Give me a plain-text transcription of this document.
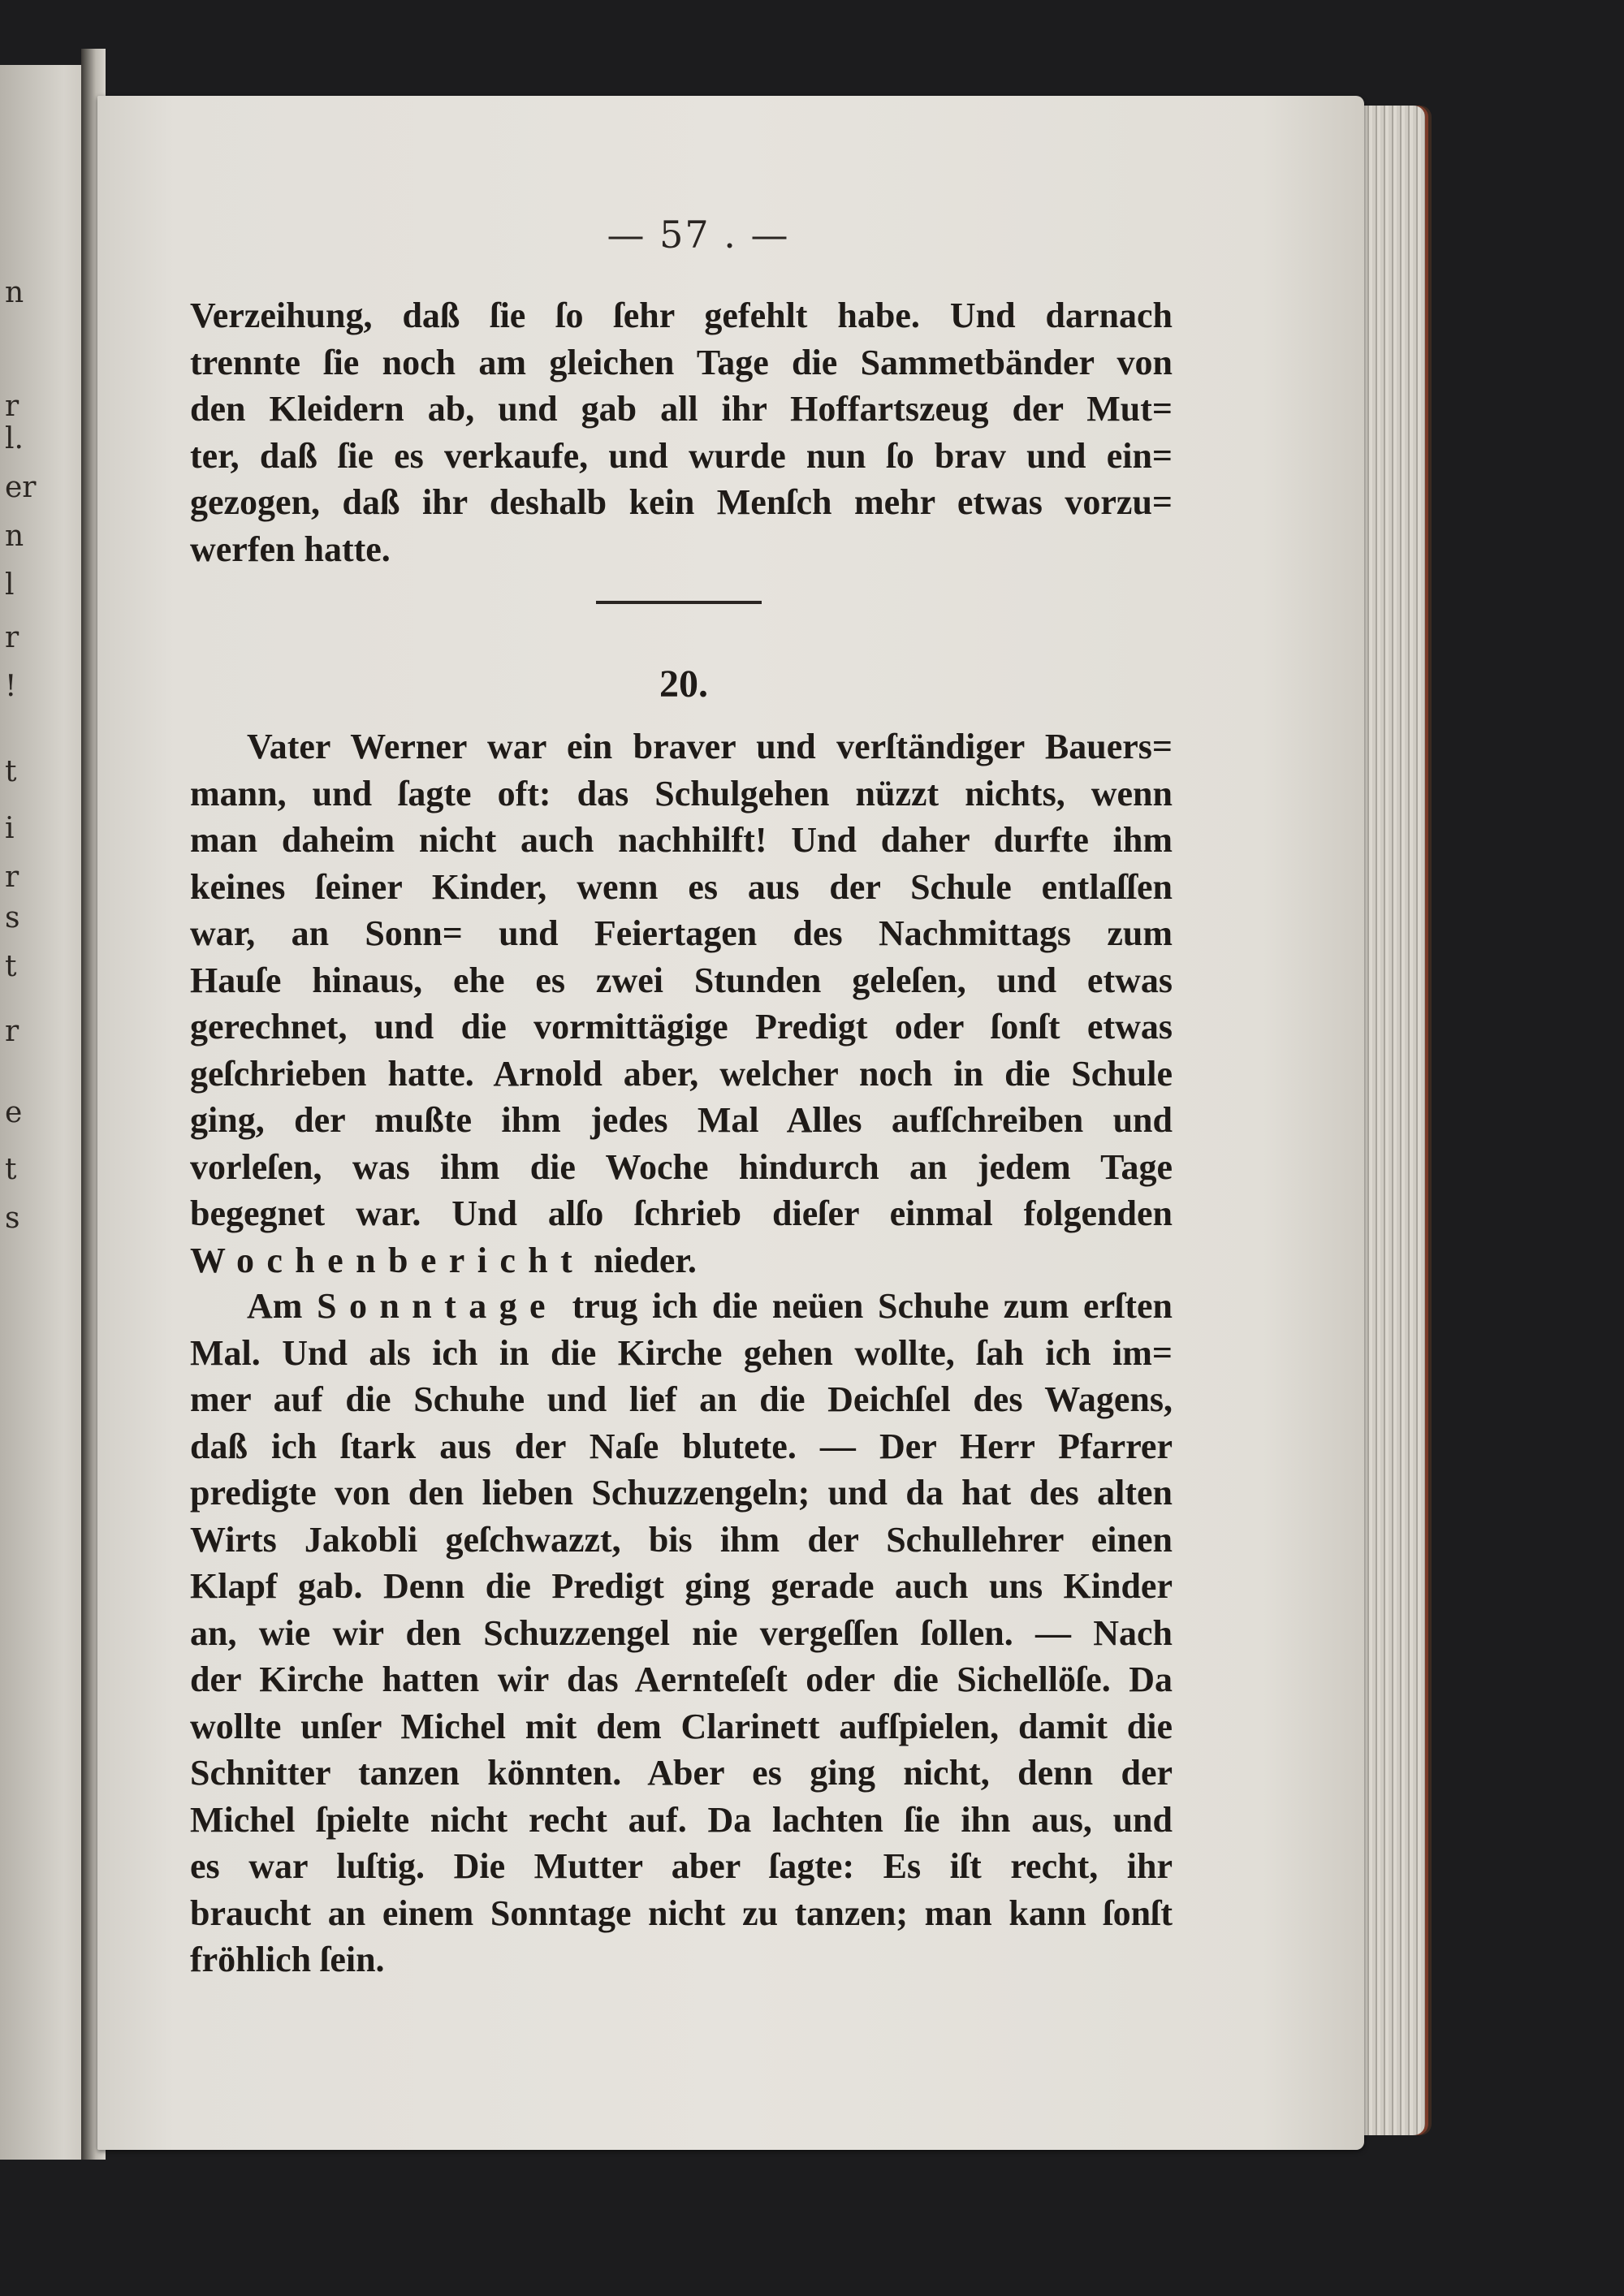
n
r
l.
er
n
l
r
!
t
i
r
s
t
r
e
t
s
— 57 . —
Verzeihung, daß ſie ſo ſehr gefehlt habe. Und darnach
trennte ſie noch am gleichen Tage die Sammetbänder von
den Kleidern ab, und gab all ihr Hoffartszeug der Mut=
ter, daß ſie es verkaufe, und wurde nun ſo brav und ein=
gezogen, daß ihr deshalb kein Menſch mehr etwas vorzu=
werfen hatte.
20.
Vater Werner war ein braver und verſtändiger Bauers=
mann, und ſagte oft: das Schulgehen nüzzt nichts, wenn
man daheim nicht auch nachhilft! Und daher durfte ihm
keines ſeiner Kinder, wenn es aus der Schule entlaſſen
war, an Sonn= und Feiertagen des Nachmittags zum
Hauſe hinaus, ehe es zwei Stunden geleſen, und etwas
gerechnet, und die vormittägige Predigt oder ſonſt etwas
geſchrieben hatte. Arnold aber, welcher noch in die Schule
ging, der mußte ihm jedes Mal Alles aufſchreiben und
vorleſen, was ihm die Woche hindurch an jedem Tage
begegnet war. Und alſo ſchrieb dieſer einmal folgenden
Wochenbericht nieder.
Am Sonntage trug ich die neüen Schuhe zum erſten
Mal. Und als ich in die Kirche gehen wollte, ſah ich im=
mer auf die Schuhe und lief an die Deichſel des Wagens,
daß ich ſtark aus der Naſe blutete. — Der Herr Pfarrer
predigte von den lieben Schuzzengeln; und da hat des alten
Wirts Jakobli geſchwazzt, bis ihm der Schullehrer einen
Klapf gab. Denn die Predigt ging gerade auch uns Kinder
an, wie wir den Schuzzengel nie vergeſſen ſollen. — Nach
der Kirche hatten wir das Aernteſeſt oder die Sichellöſe. Da
wollte unſer Michel mit dem Clarinett aufſpielen, damit die
Schnitter tanzen könnten. Aber es ging nicht, denn der
Michel ſpielte nicht recht auf. Da lachten ſie ihn aus, und
es war luſtig. Die Mutter aber ſagte: Es iſt recht, ihr
braucht an einem Sonntage nicht zu tanzen; man kann ſonſt
fröhlich ſein.
